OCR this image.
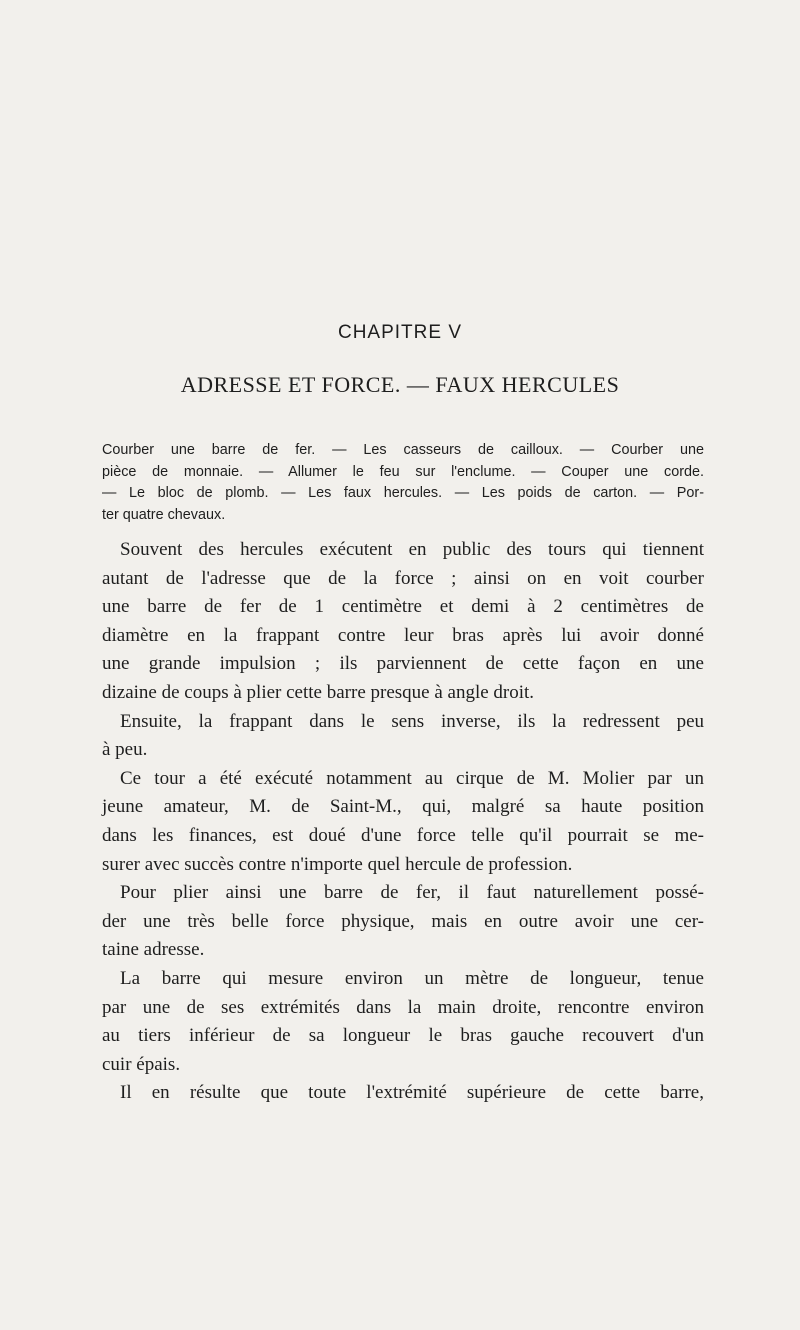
CHAPITRE V
ADRESSE ET FORCE. — FAUX HERCULES
Courber une barre de fer. — Les casseurs de cailloux. — Courber une
pièce de monnaie. — Allumer le feu sur l'enclume. — Couper une corde.
— Le bloc de plomb. — Les faux hercules. — Les poids de carton. — Por-
ter quatre chevaux.
Souvent des hercules exécutent en public des tours qui tiennent
autant de l'adresse que de la force ; ainsi on en voit courber
une barre de fer de 1 centimètre et demi à 2 centimètres de
diamètre en la frappant contre leur bras après lui avoir donné
une grande impulsion ; ils parviennent de cette façon en une
dizaine de coups à plier cette barre presque à angle droit.
Ensuite, la frappant dans le sens inverse, ils la redressent peu
à peu.
Ce tour a été exécuté notamment au cirque de M. Molier par un
jeune amateur, M. de Saint-M., qui, malgré sa haute position
dans les finances, est doué d'une force telle qu'il pourrait se me-
surer avec succès contre n'importe quel hercule de profession.
Pour plier ainsi une barre de fer, il faut naturellement possé-
der une très belle force physique, mais en outre avoir une cer-
taine adresse.
La barre qui mesure environ un mètre de longueur, tenue
par une de ses extrémités dans la main droite, rencontre environ
au tiers inférieur de sa longueur le bras gauche recouvert d'un
cuir épais.
Il en résulte que toute l'extrémité supérieure de cette barre,
